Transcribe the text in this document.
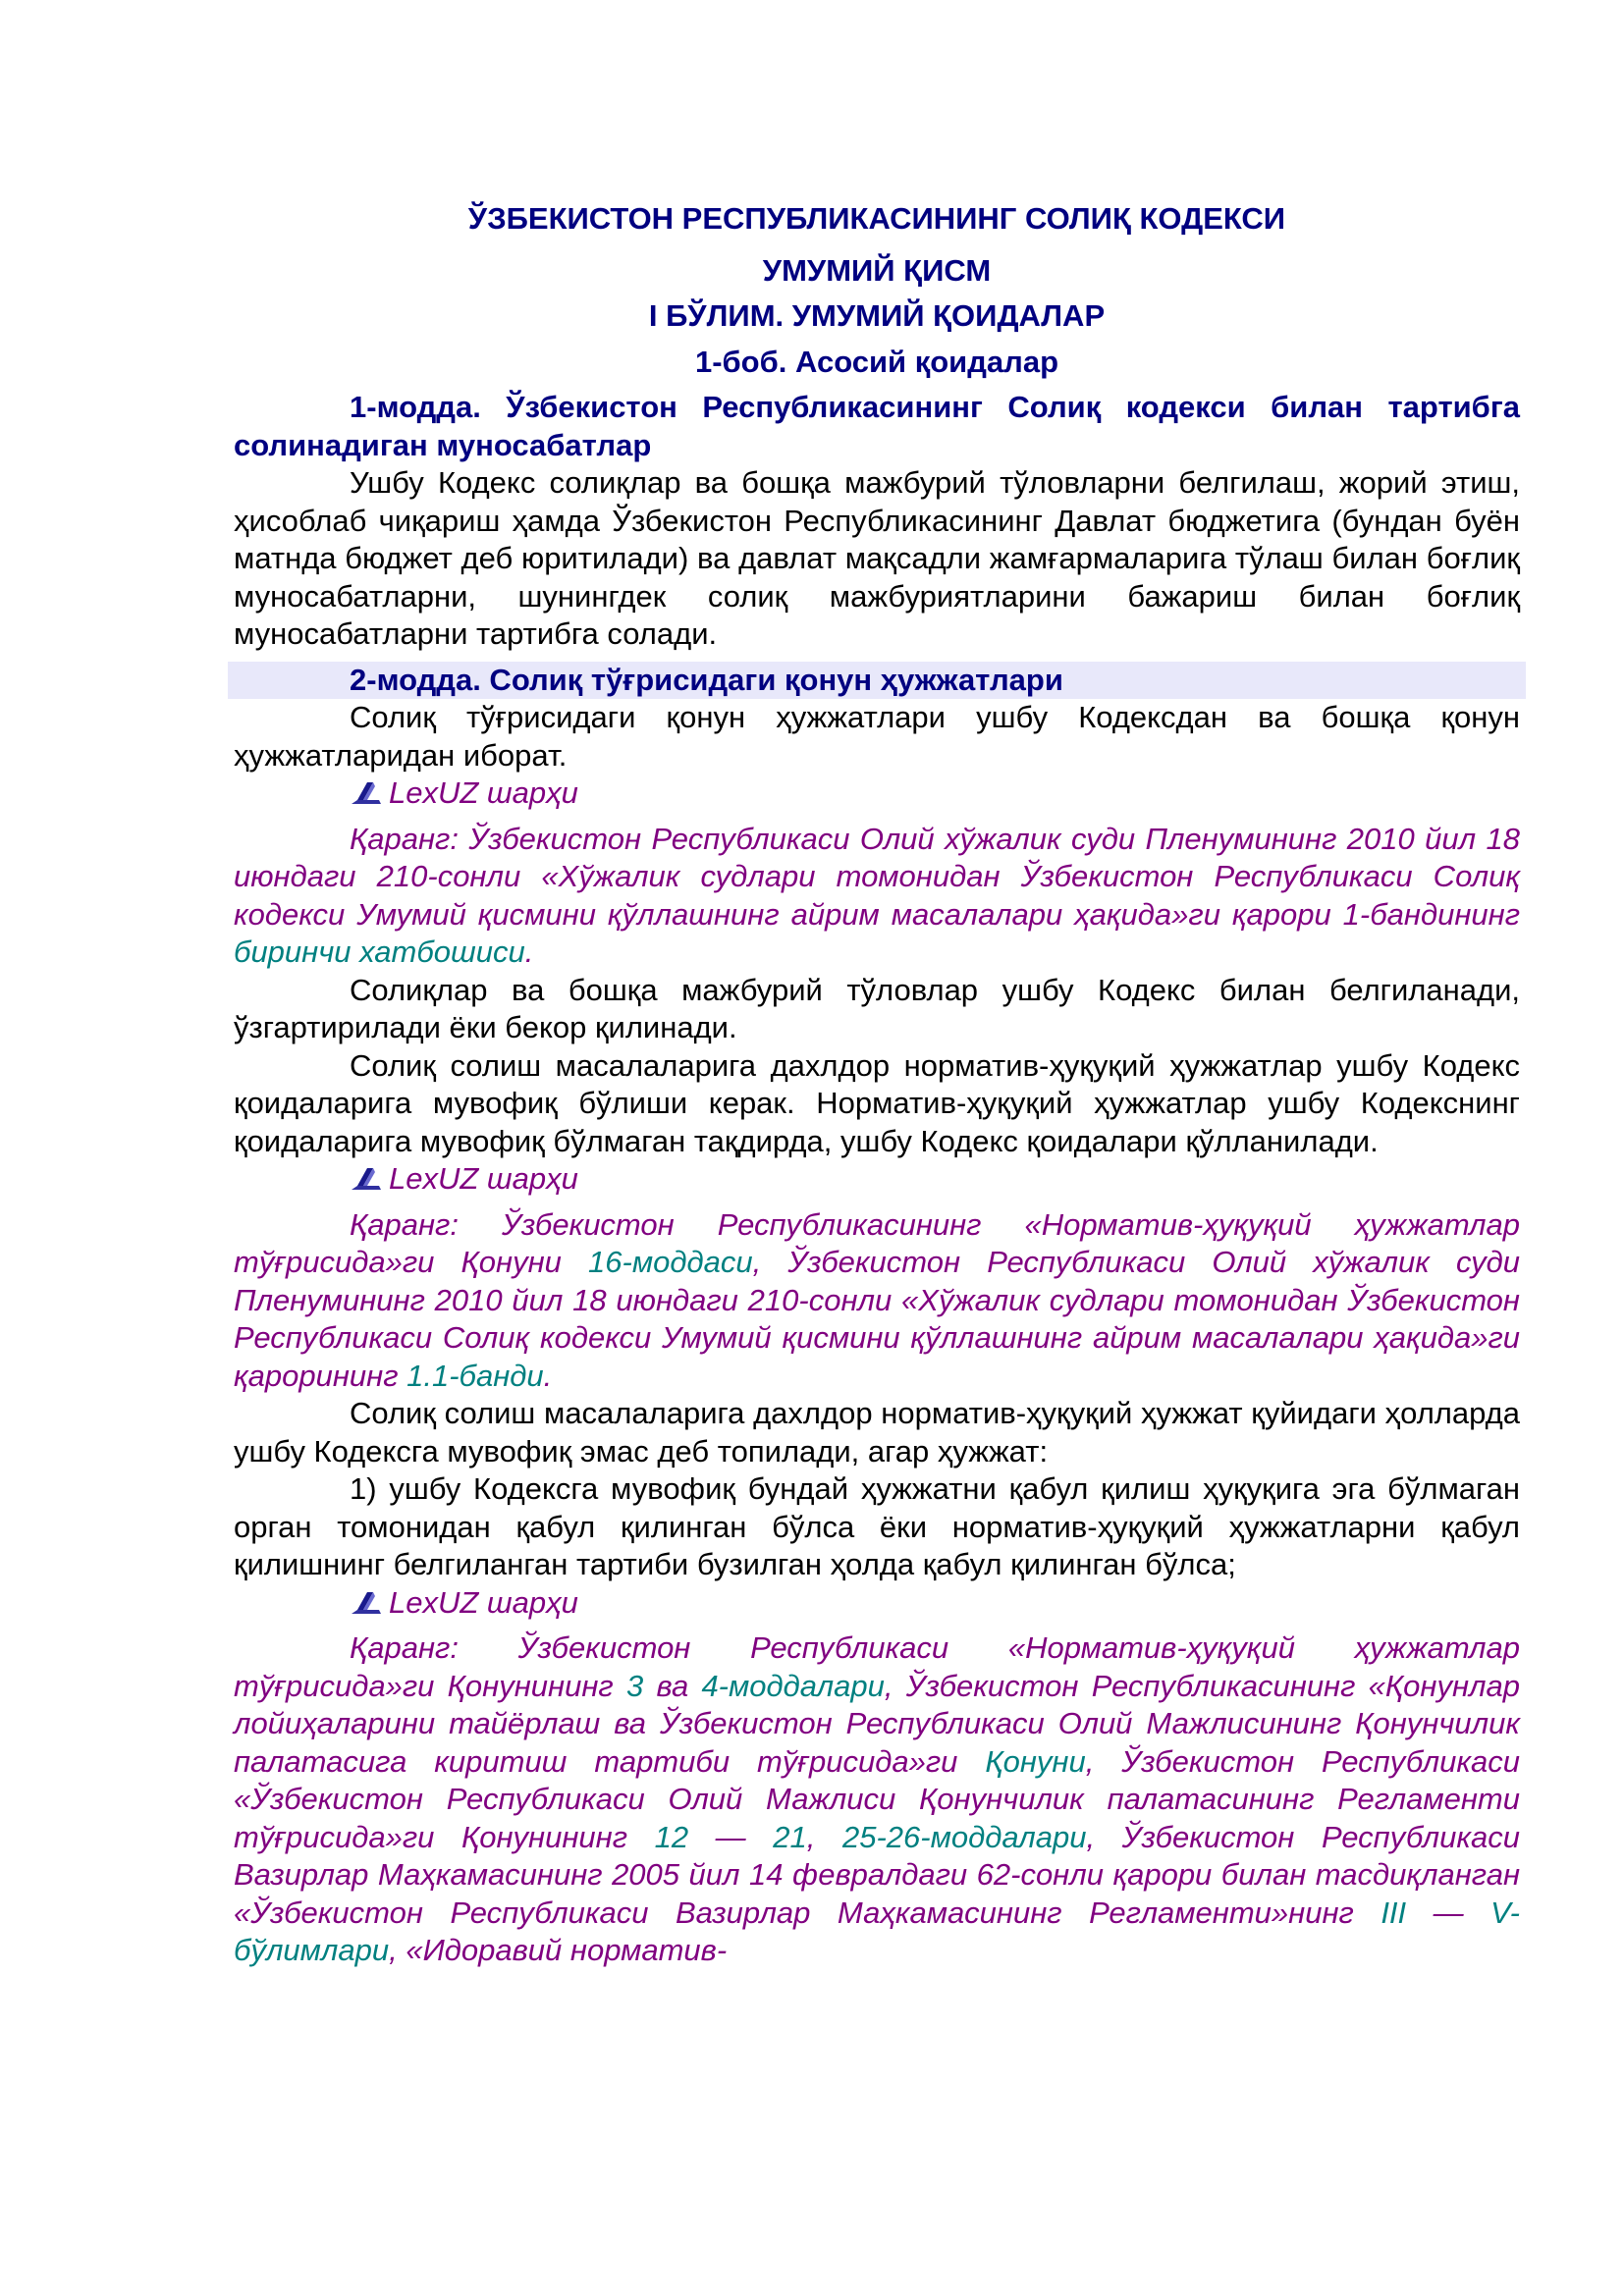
ЎЗБЕКИСТОН РЕСПУБЛИКАСИНИНГ СОЛИҚ КОДЕКСИ
УМУМИЙ ҚИСМ
I БЎЛИМ. УМУМИЙ ҚОИДАЛАР
1-боб. Асосий қоидалар

1-модда. Ўзбекистон Республикасининг Солиқ кодекси билан тартибга солинадиган муносабатлар

Ушбу Кодекс солиқлар ва бошқа мажбурий тўловларни белгилаш, жорий этиш, ҳисоблаб чиқариш ҳамда Ўзбекистон Республикасининг Давлат бюджетига (бундан буён матнда бюджет деб юритилади) ва давлат мақсадли жамғармаларига тўлаш билан боғлиқ муносабатларни, шунингдек солиқ мажбуриятларини бажариш билан боғлиқ муносабатларни тартибга солади.

2-модда. Солиқ тўғрисидаги қонун ҳужжатлари

Солиқ тўғрисидаги қонун ҳужжатлари ушбу Кодексдан ва бошқа қонун ҳужжатларидан иборат.

LexUZ шарҳи

Қаранг: Ўзбекистон Республикаси Олий хўжалик суди Пленумининг 2010 йил 18 июндаги 210-сонли «Хўжалик судлари томонидан Ўзбекистон Республикаси Солиқ кодекси Умумий қисмини қўллашнинг айрим масалалари ҳақида»ги қарори 1-бандининг биринчи хатбошиси.

Солиқлар ва бошқа мажбурий тўловлар ушбу Кодекс билан белгиланади, ўзгартирилади ёки бекор қилинади.

Солиқ солиш масалаларига дахлдор норматив-ҳуқуқий ҳужжатлар ушбу Кодекс қоидаларига мувофиқ бўлиши керак. Норматив-ҳуқуқий ҳужжатлар ушбу Кодекснинг қоидаларига мувофиқ бўлмаган тақдирда, ушбу Кодекс қоидалари қўлланилади.

LexUZ шарҳи

Қаранг: Ўзбекистон Республикасининг «Норматив-ҳуқуқий ҳужжатлар тўғрисида»ги Қонуни 16-моддаси, Ўзбекистон Республикаси Олий хўжалик суди Пленумининг 2010 йил 18 июндаги 210-сонли «Хўжалик судлари томонидан Ўзбекистон Республикаси Солиқ кодекси Умумий қисмини қўллашнинг айрим масалалари ҳақида»ги қарорининг 1.1-банди.

Солиқ солиш масалаларига дахлдор норматив-ҳуқуқий ҳужжат қуйидаги ҳолларда ушбу Кодексга мувофиқ эмас деб топилади, агар ҳужжат:

1) ушбу Кодексга мувофиқ бундай ҳужжатни қабул қилиш ҳуқуқига эга бўлмаган орган томонидан қабул қилинган бўлса ёки норматив-ҳуқуқий ҳужжатларни қабул қилишнинг белгиланган тартиби бузилган ҳолда қабул қилинган бўлса;

LexUZ шарҳи

Қаранг: Ўзбекистон Республикаси «Норматив-ҳуқуқий ҳужжатлар тўғрисида»ги Қонунининг 3 ва 4-моддалари, Ўзбекистон Республикасининг «Қонунлар лойиҳаларини тайёрлаш ва Ўзбекистон Республикаси Олий Мажлисининг Қонунчилик палатасига киритиш тартиби тўғрисида»ги Қонуни, Ўзбекистон Республикаси «Ўзбекистон Республикаси Олий Мажлиси Қонунчилик палатасининг Регламенти тўғрисида»ги Қонунининг 12 — 21, 25-26-моддалари, Ўзбекистон Республикаси Вазирлар Маҳкамасининг 2005 йил 14 февралдаги 62-сонли қарори билан тасдиқланган «Ўзбекистон Республикаси Вазирлар Маҳкамасининг Регламенти»нинг III — V-бўлимлари, «Идоравий норматив-
